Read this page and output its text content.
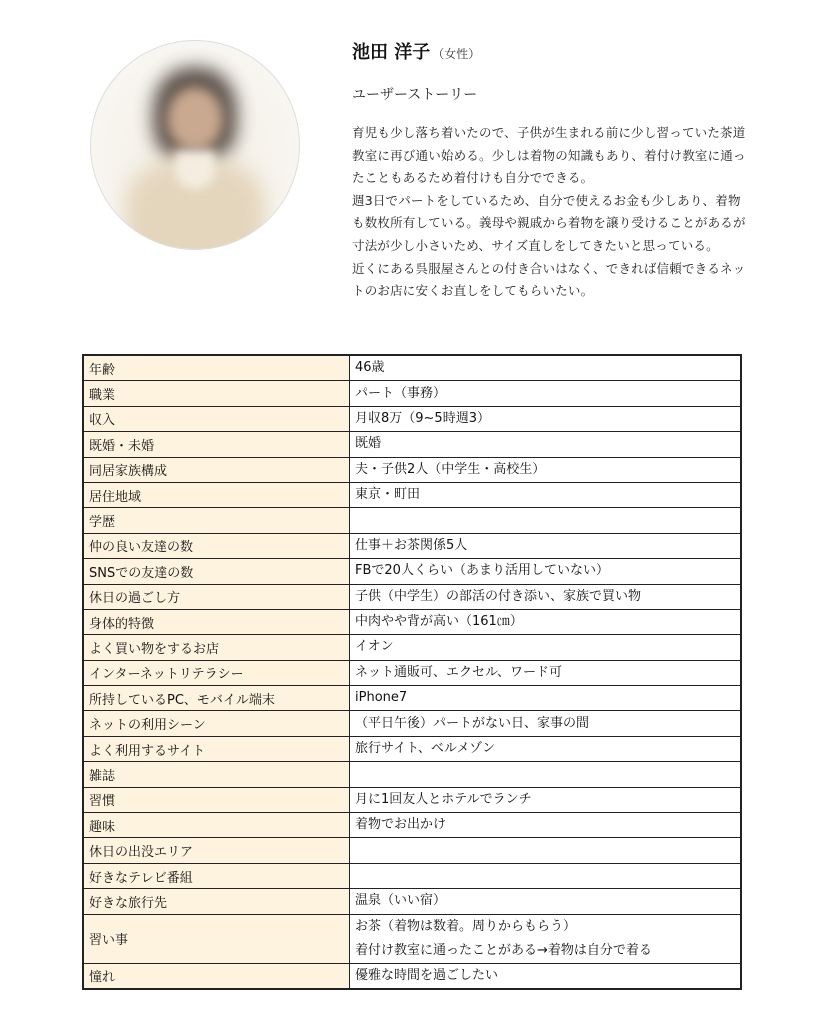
池田 洋子 （女性）
ユーザーストーリー

育児も少し落ち着いたので、子供が生まれる前に少し習っていた茶道教室に再び通い始める。少しは着物の知識もあり、着付け教室に通ったこともあるため着付けも自分でできる。

週3日でパートをしているため、自分で使えるお金も少しあり、着物も数枚所有している。義母や親戚から着物を譲り受けることがあるが寸法が少し小さいため、サイズ直しをしてきたいと思っている。

近くにある呉服屋さんとの付き合いはなく、できれば信頼できるネットのお店に安くお直しをしてもらいたい。

年齢	46歳

職業	パート（事務）

収入	月収8万（9~5時週3）

既婚・未婚	既婚

同居家族構成	夫・子供2人（中学生・高校生）

居住地域	東京・町田

学歴	

仲の良い友達の数	仕事＋お茶関係5人

SNSでの友達の数	FBで20人くらい（あまり活用していない）

休日の過ごし方	子供（中学生）の部活の付き添い、家族で買い物

身体的特徴	中肉やや背が高い（161㎝）

よく買い物をするお店	イオン

インターネットリテラシー	ネット通販可、エクセル、ワード可

所持しているPC、モバイル端末	iPhone7

ネットの利用シーン	（平日午後）パートがない日、家事の間

よく利用するサイト	旅行サイト、ベルメゾン

雑誌	

習慣	月に1回友人とホテルでランチ

趣味	着物でお出かけ

休日の出没エリア	

好きなテレビ番組	

好きな旅行先	温泉（いい宿）

習い事	お茶（着物は数着。周りからもらう）
着付け教室に通ったことがある→着物は自分で着る

憧れ	優雅な時間を過ごしたい
